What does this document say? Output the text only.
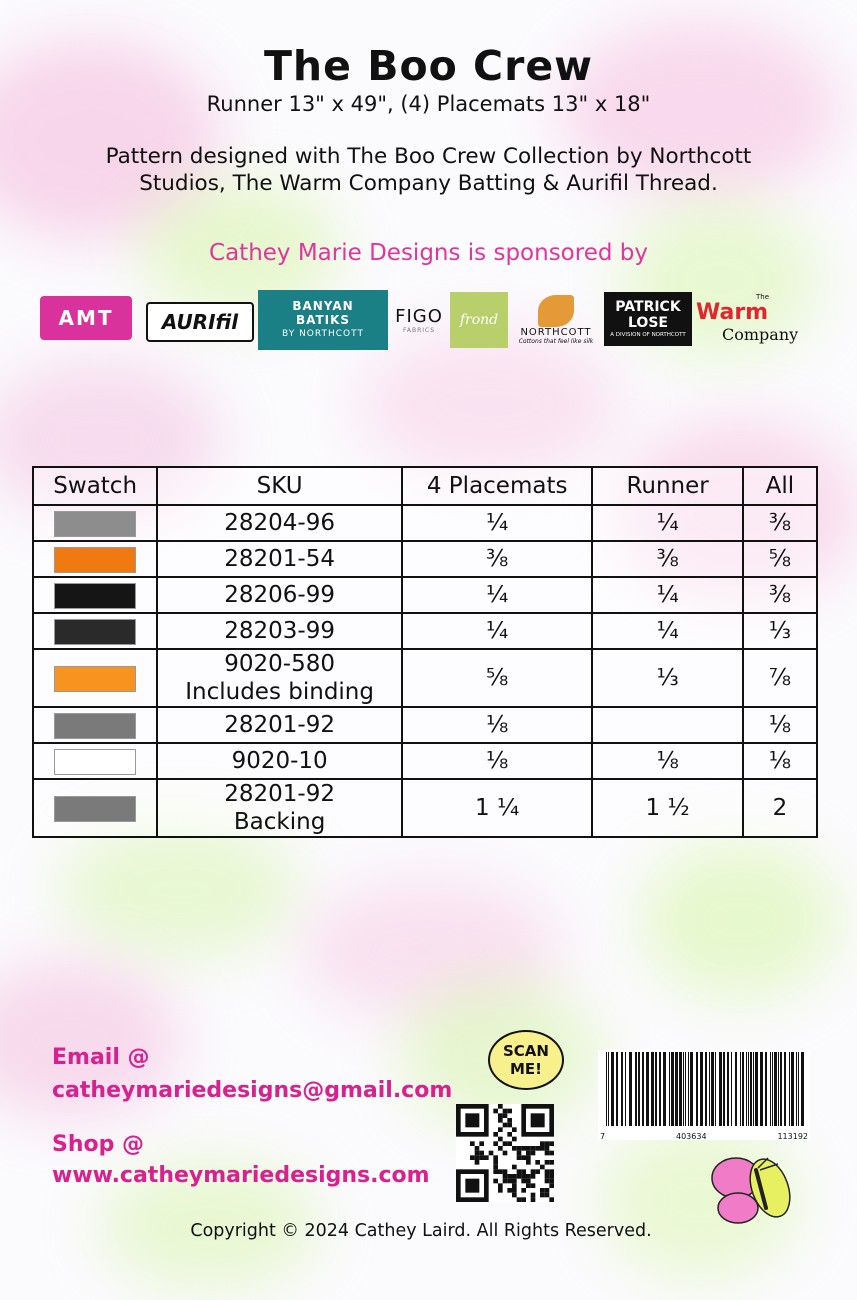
The Boo Crew
Runner 13" x 49", (4) Placemats 13" x 18"
Pattern designed with The Boo Crew Collection by Northcott
Studios, The Warm Company Batting & Aurifil Thread.
Cathey Marie Designs is sponsored by
AMT AURIfil
BANYAN
BATIKS
BY NORTHCOTT
FIGO
FABRICS
frond
NORTHCOTT
Cottons that feel like silk
PATRICK
LOSE
A DIVISION OF NORTHCOTT
The
Warm
Company
Swatch	SKU	4 Placemats	Runner	All

	28204-96	¼	¼	⅜

	28201-54	⅜	⅜	⅝

	28206-99	¼	¼	⅜

	28203-99	¼	¼	⅓

	9020-580
Includes binding	⅝	⅓	⅞

	28201-92	⅛		⅛

	9020-10	⅛	⅛	⅛

	28201-92
Backing	1 ¼	1 ½	2
Email @
catheymariedesigns@gmail.com
Shop @
www.catheymariedesigns.com
SCAN
ME!
7	403634	113192
Copyright © 2024 Cathey Laird. All Rights Reserved.
